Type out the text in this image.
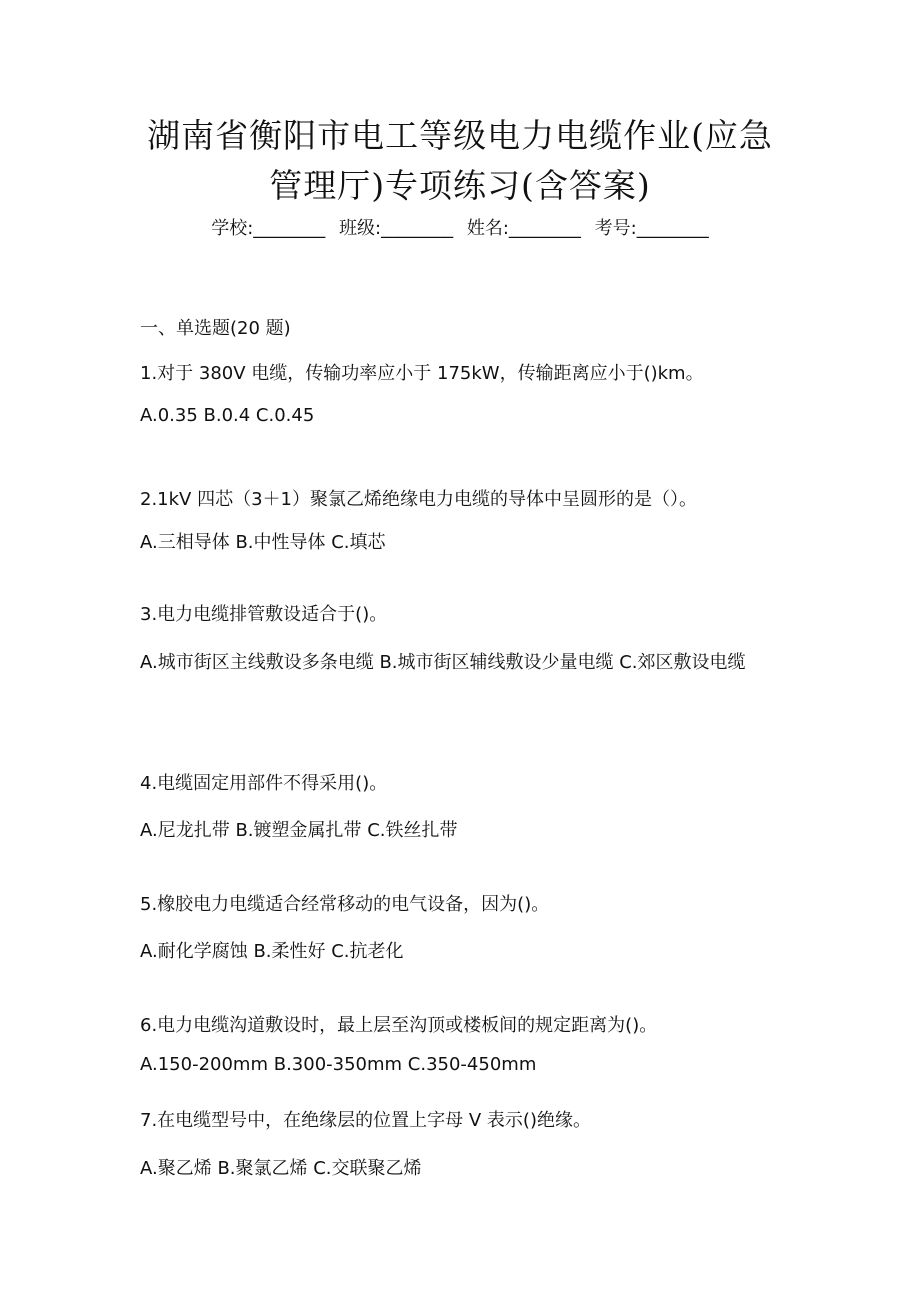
湖南省衡阳市电工等级电力电缆作业(应急
管理厅)专项练习(含答案)
学校:________ 班级:________ 姓名:________ 考号:________
一、单选题(20 题)
1.对于 380V 电缆，传输功率应小于 175kW，传输距离应小于()km。
A.0.35 B.0.4 C.0.45
2.1kV 四芯（3＋1）聚氯乙烯绝缘电力电缆的导体中呈圆形的是（）。
A.三相导体 B.中性导体 C.填芯
3.电力电缆排管敷设适合于()。
A.城市街区主线敷设多条电缆 B.城市街区辅线敷设少量电缆 C.郊区敷设电缆
4.电缆固定用部件不得采用()。
A.尼龙扎带 B.镀塑金属扎带 C.铁丝扎带
5.橡胶电力电缆适合经常移动的电气设备，因为()。
A.耐化学腐蚀 B.柔性好 C.抗老化
6.电力电缆沟道敷设时，最上层至沟顶或楼板间的规定距离为()。
A.150-200mm B.300-350mm C.350-450mm
7.在电缆型号中，在绝缘层的位置上字母 V 表示()绝缘。
A.聚乙烯 B.聚氯乙烯 C.交联聚乙烯
